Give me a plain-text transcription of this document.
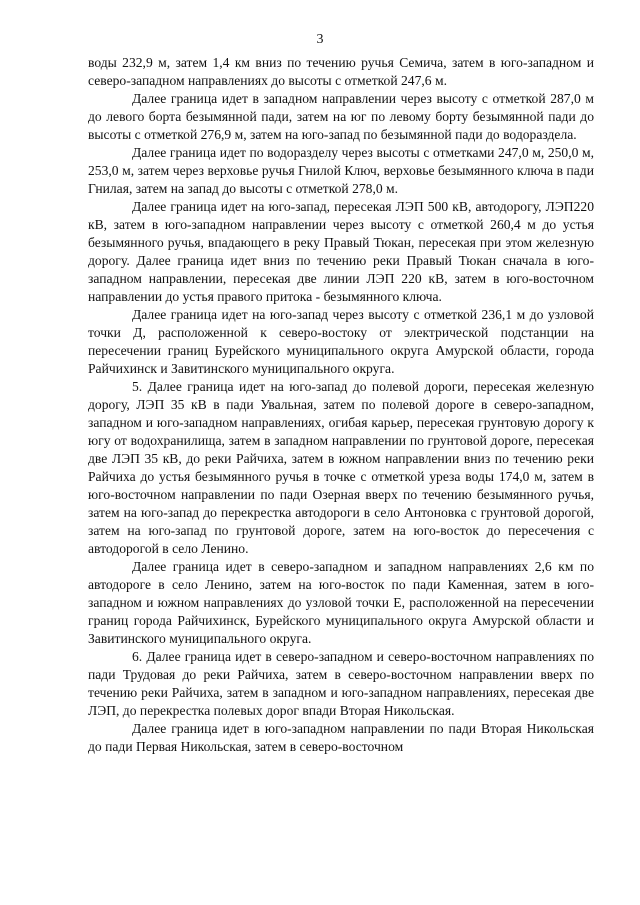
3

воды 232,9 м, затем 1,4 км вниз по течению ручья Семича, затем в юго-западном и северо-западном направлениях до высоты с отметкой 247,6 м.

Далее граница идет в западном направлении через высоту с отметкой 287,0 м до левого борта безымянной пади, затем на юг по левому борту безымянной пади до высоты с отметкой 276,9 м, затем на юго-запад по безымянной пади до водораздела.

Далее граница идет по водоразделу через высоты с отметками 247,0 м, 250,0 м, 253,0 м, затем через верховье ручья Гнилой Ключ, верховье безымянного ключа в пади Гнилая, затем на запад до высоты с отметкой 278,0 м.

Далее граница идет на юго-запад, пересекая ЛЭП 500 кВ, автодорогу, ЛЭП220 кВ, затем в юго-западном направлении через высоту с отметкой 260,4 м до устья безымянного ручья, впадающего в реку Правый Тюкан, пересекая при этом железную дорогу. Далее граница идет вниз по течению реки Правый Тюкан сначала в юго-западном направлении, пересекая две линии ЛЭП 220 кВ, затем в юго-восточном направлении до устья правого притока - безымянного ключа.

Далее граница идет на юго-запад через высоту с отметкой 236,1 м до узловой точки Д, расположенной к северо-востоку от электрической подстанции на пересечении границ Бурейского муниципального округа Амурской области, города Райчихинск и Завитинского муниципального округа.

5. Далее граница идет на юго-запад до полевой дороги, пересекая железную дорогу, ЛЭП 35 кВ в пади Увальная, затем по полевой дороге в северо-западном, западном и юго-западном направлениях, огибая карьер, пересекая грунтовую дорогу к югу от водохранилища, затем в западном направлении по грунтовой дороге, пересекая две ЛЭП 35 кВ, до реки Райчиха, затем в южном направлении вниз по течению реки Райчиха до устья безымянного ручья в точке с отметкой уреза воды 174,0 м, затем в юго-восточном направлении по пади Озерная вверх по течению безымянного ручья, затем на юго-запад до перекрестка автодороги в село Антоновка с грунтовой дорогой, затем на юго-запад по грунтовой дороге, затем на юго-восток до пересечения с автодорогой в село Ленино.

Далее граница идет в северо-западном и западном направлениях 2,6 км по автодороге в село Ленино, затем на юго-восток по пади Каменная, затем в юго-западном и южном направлениях до узловой точки Е, расположенной на пересечении границ города Райчихинск, Бурейского муниципального округа Амурской области и Завитинского муниципального округа.

6. Далее граница идет в северо-западном и северо-восточном направлениях по пади Трудовая до реки Райчиха, затем в северо-восточном направлении вверх по течению реки Райчиха, затем в западном и юго-западном направлениях, пересекая две ЛЭП, до перекрестка полевых дорог впади Вторая Никольская.

Далее граница идет в юго-западном направлении по пади Вторая Никольская до пади Первая Никольская, затем в северо-восточном
